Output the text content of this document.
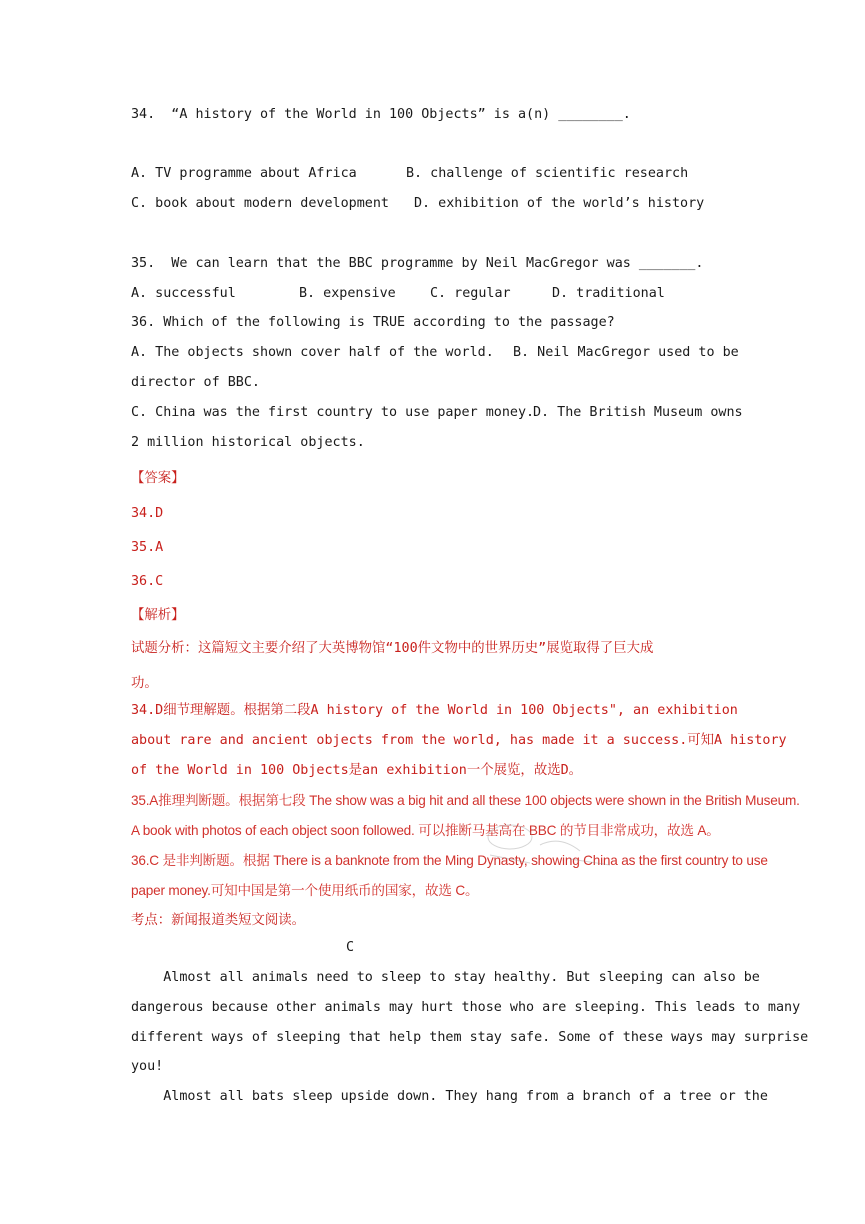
34.  “A history of the World in 100 Objects” is a(n) ________.
A. TV programme about Africa	B. challenge of scientific research
C. book about modern development D. exhibition of the world’s history
35.  We can learn that the BBC programme by Neil MacGregor was _______.
A. successful	B. expensive	C. regular	D. traditional
36. Which of the following is TRUE according to the passage?
A. The objects shown cover half of the world. B. Neil MacGregor used to be
director of BBC.
C. China was the first country to use paper money.
D. The British Museum owns
2 million historical objects.
【答案】
34.D
35.A
36.C
【解析】
试题分析：这篇短文主要介绍了大英博物馆“100件文物中的世界历史”展览取得了巨大成
功。
34.D细节理解题。根据第二段A history of the World in 100 Objects", an exhibition
about rare and ancient objects from the world, has made it a success.可知A history
of the World in 100 Objects是an exhibition一个展览，故选D。
35.A推理判断题。根据第七段 The show was a big hit and all these 100 objects were shown in the British Museum.
A book with photos of each object soon followed. 可以推断马基高在 BBC 的节目非常成功，故选 A。
36.C 是非判断题。根据 There is a banknote from the Ming Dynasty, showing China as the first country to use
paper money.可知中国是第一个使用纸币的国家，故选 C。
考点：新闻报道类短文阅读。
C
Almost all animals need to sleep to stay healthy. But sleeping can also be
dangerous because other animals may hurt those who are sleeping. This leads to many
different ways of sleeping that help them stay safe. Some of these ways may surprise
you!
Almost all bats sleep upside down. They hang from a branch of a tree or the
